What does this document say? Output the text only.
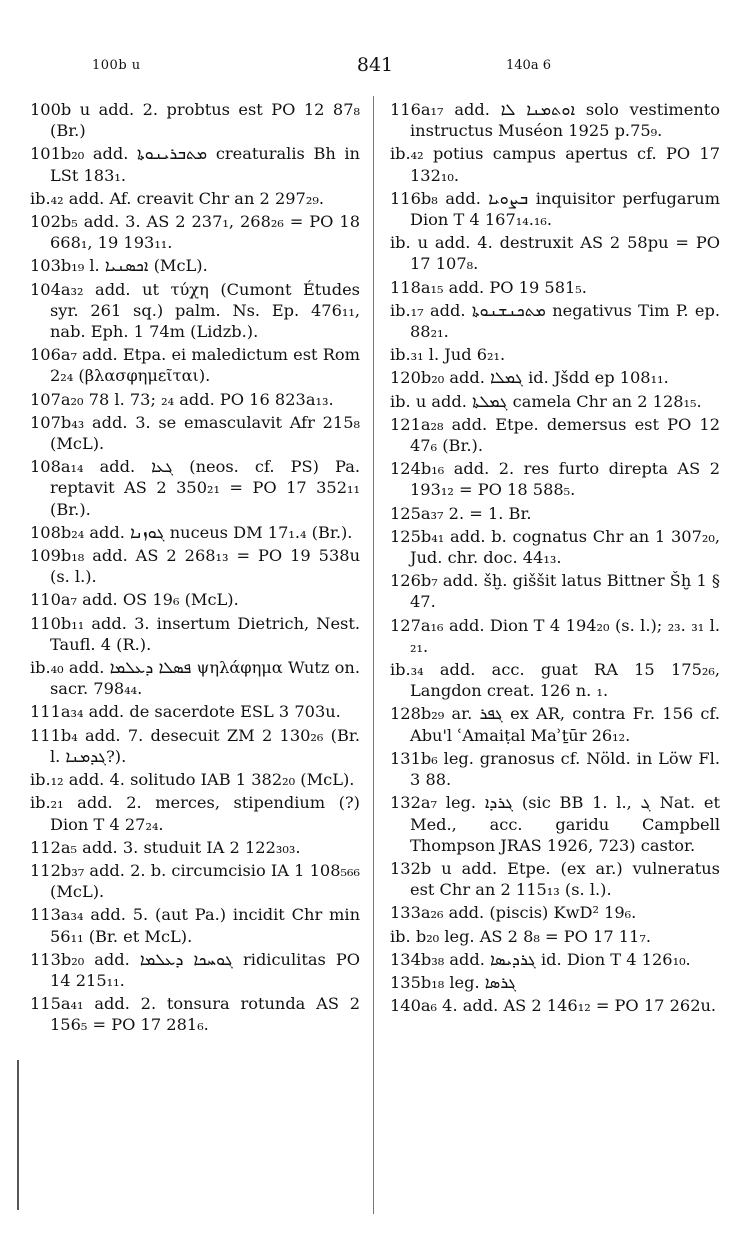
100b u	841	140a 6

100b u add. 2. probtus est PO 12 87₈ (Br.)

101b₂₀ add. ܡܬܒܪܝܢܘܬܐ creaturalis Bh in LSt 183₁.

ib.₄₂ add. Af. creavit Chr an 2 297₂₉.

102b₅ add. 3. AS 2 237₁, 268₂₆ = PO 18 668₁, 19 193₁₁.

103b₁₉ l. ܐܟܣܢܝܐ (McL).

104a₃₂ add. ut τύχη (Cumont Études syr. 261 sq.) palm. Ns. Ep. 476₁₁, nab. Eph. 1 74m (Lidzb.).

106a₇ add. Etpa. ei maledictum est Rom 2₂₄ (βλασφημεῖται).

107a₂₀ 78 l. 73; ₂₄ add. PO 16 823a₁₃.

107b₄₃ add. 3. se emasculavit Afr 215₈ (McL).

108a₁₄ add. ܓܥܐ (neos. cf. PS) Pa. reptavit AS 2 350₂₁ = PO 17 352₁₁ (Br.).

108b₂₄ add. ܓܘܙܢܐ nuceus DM 17₁.₄ (Br.).

109b₁₈ add. AS 2 268₁₃ = PO 19 538u (s. l.).

110a₇ add. OS 19₆ (McL).

110b₁₁ add. 3. insertum Dietrich, Nest. Taufl. 4 (R.).

ib.₄₀ add. ܦܣܠܐ ܕܥܠܡܐ ψηλάφημα Wutz on. sacr. 798₄₄.

111a₃₄ add. de sacerdote ESL 3 703u.

111b₄ add. 7. desecuit ZM 2 130₂₆ (Br. l. ܓܕܡܢܐ?).

ib.₁₂ add. 4. solitudo IAB 1 382₂₀ (McL).

ib.₂₁ add. 2. merces, stipendium (?) Dion T 4 27₂₄.

112a₅ add. 3. studuit IA 2 122₃₀₃.

112b₃₇ add. 2. b. circumcisio IA 1 108₅₆₆ (McL).

113a₃₄ add. 5. (aut Pa.) incidit Chr min 56₁₁ (Br. et McL).

113b₂₀ add. ܓܘܚܟܐ ܕܥܠܡܐ ridiculitas PO 14 215₁₁.

115a₄₁ add. 2. tonsura rotunda AS 2 156₅ = PO 17 281₆.

116a₁₇ add. ܐܘܬܡܢܐ ܠܐ solo vestimento instructus Muséon 1925 p.75₉.

ib.₄₂ potius campus apertus cf. PO 17 132₁₀.

116b₈ add. ܒܨܘܝܐ inquisitor perfugarum Dion T 4 167₁₄.₁₆.

ib. u add. 4. destruxit AS 2 58pu = PO 17 107₈.

118a₁₅ add. PO 19 581₅.

ib.₁₇ add. ܡܬܟܢܫܢܘܬܐ negativus Tim P. ep. 88₂₁.

ib.₃₁ l. Jud 6₂₁.

120b₂₀ add. ܓܡܠܐ id. Jšdd ep 108₁₁.

ib. u add. ܓܡܠܬܐ camela Chr an 2 128₁₅.

121a₂₈ add. Etpe. demersus est PO 12 47₆ (Br.).

124b₁₆ add. 2. res furto direpta AS 2 193₁₂ = PO 18 588₅.

125a₃₇ 2. = 1. Br.

125b₄₁ add. b. cognatus Chr an 1 307₂₀, Jud. chr. doc. 44₁₃.

126b₇ add. šḫ. giššit latus Bittner Šḫ 1 § 47.

127a₁₆ add. Dion T 4 194₂₀ (s. l.); ₂₃. ₃₁ l. ₂₁.

ib.₃₄ add. acc. guat RA 15 175₂₆, Langdon creat. 126 n. ₁.

128b₂₉ ar. ܓܦܪ ex AR, contra Fr. 156 cf. Abu'l ʿAmaiṭal Maʾṯūr 26₁₂.

131b₆ leg. granosus cf. Nöld. in Löw Fl. 3 88.

132a₇ leg. ܓܪܕܐ (sic BB 1. l., ܓ Nat. et Med., acc. garidu Campbell Thompson JRAS 1926, 723) castor.

132b u add. Etpe. (ex ar.) vulneratus est Chr an 2 115₁₃ (s. l.).

133a₂₆ add. (piscis) KwD² 19₆.

ib. b₂₀ leg. AS 2 8₈ = PO 17 11₇.

134b₃₈ add. ܓܪܕܝܣܐ id. Dion T 4 126₁₀.

135b₁₈ leg. ܓܪܣܐ

140a₆ 4. add. AS 2 146₁₂ = PO 17 262u.
